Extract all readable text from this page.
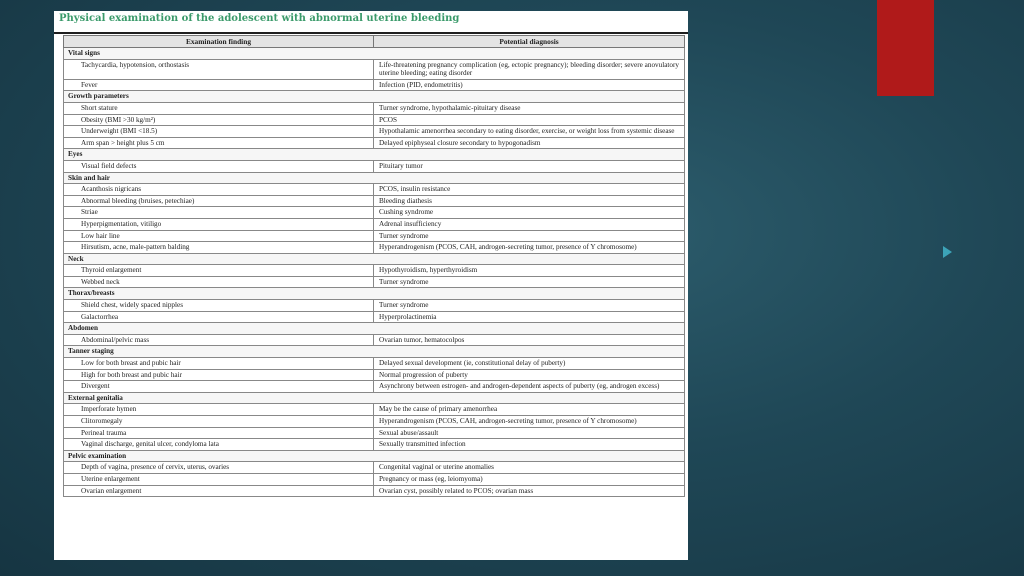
Physical examination of the adolescent with abnormal uterine bleeding
Examination finding	Potential diagnosis
Vital signs	
Tachycardia, hypotension, orthostasis	Life-threatening pregnancy complication (eg, ectopic pregnancy); bleeding disorder; severe anovulatory uterine bleeding; eating disorder
Fever	Infection (PID, endometritis)
Growth parameters	
Short stature	Turner syndrome, hypothalamic-pituitary disease
Obesity (BMI >30 kg/m²)	PCOS
Underweight (BMI <18.5)	Hypothalamic amenorrhea secondary to eating disorder, exercise, or weight loss from systemic disease
Arm span > height plus 5 cm	Delayed epiphyseal closure secondary to hypogonadism
Eyes	
Visual field defects	Pituitary tumor
Skin and hair	
Acanthosis nigricans	PCOS, insulin resistance
Abnormal bleeding (bruises, petechiae)	Bleeding diathesis
Striae	Cushing syndrome
Hyperpigmentation, vitiligo	Adrenal insufficiency
Low hair line	Turner syndrome
Hirsutism, acne, male-pattern balding	Hyperandrogenism (PCOS, CAH, androgen-secreting tumor, presence of Y chromosome)
Neck	
Thyroid enlargement	Hypothyroidism, hyperthyroidism
Webbed neck	Turner syndrome
Thorax/breasts	
Shield chest, widely spaced nipples	Turner syndrome
Galactorrhea	Hyperprolactinemia
Abdomen	
Abdominal/pelvic mass	Ovarian tumor, hematocolpos
Tanner staging	
Low for both breast and pubic hair	Delayed sexual development (ie, constitutional delay of puberty)
High for both breast and pubic hair	Normal progression of puberty
Divergent	Asynchrony between estrogen- and androgen-dependent aspects of puberty (eg, androgen excess)
External genitalia	
Imperforate hymen	May be the cause of primary amenorrhea
Clitoromegaly	Hyperandrogenism (PCOS, CAH, androgen-secreting tumor, presence of Y chromosome)
Perineal trauma	Sexual abuse/assault
Vaginal discharge, genital ulcer, condyloma lata	Sexually transmitted infection
Pelvic examination	
Depth of vagina, presence of cervix, uterus, ovaries	Congenital vaginal or uterine anomalies
Uterine enlargement	Pregnancy or mass (eg, leiomyoma)
Ovarian enlargement	Ovarian cyst, possibly related to PCOS; ovarian mass
